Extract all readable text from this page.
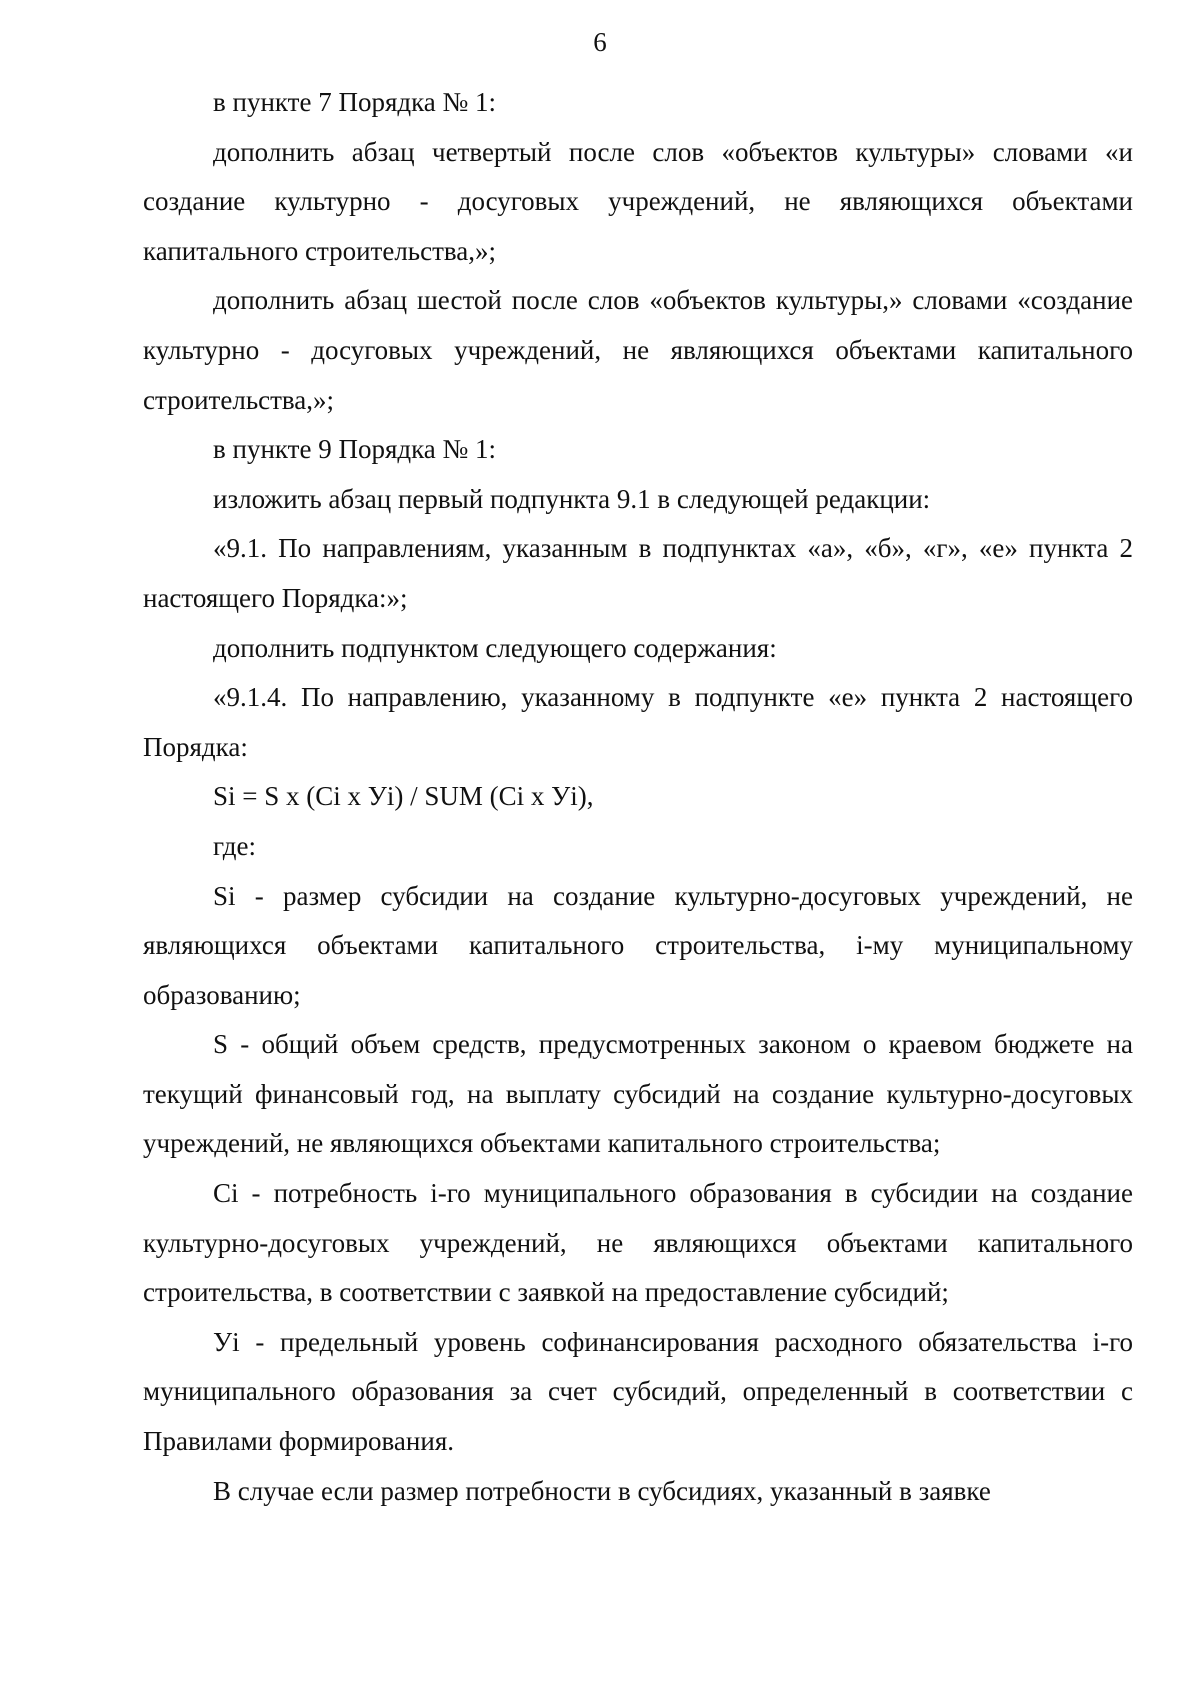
6

в пункте 7 Порядка № 1:

дополнить абзац четвертый после слов «объектов культуры» словами «и создание культурно - досуговых учреждений, не являющихся объектами капитального строительства,»;

дополнить абзац шестой после слов «объектов культуры,» словами «создание культурно - досуговых учреждений, не являющихся объектами капитального строительства,»;

в пункте 9 Порядка № 1:

изложить абзац первый подпункта 9.1 в следующей редакции:

«9.1. По направлениям, указанным в подпунктах «а», «б», «г», «е» пункта 2 настоящего Порядка:»;

дополнить подпунктом следующего содержания:

«9.1.4. По направлению, указанному в подпункте «е» пункта 2 настоящего Порядка:

Si = S x (Ci x Уi) / SUM (Ci x Уi),

где:

Si - размер субсидии на создание культурно-досуговых учреждений, не являющихся объектами капитального строительства, i-му муниципальному образованию;

S - общий объем средств, предусмотренных законом о краевом бюджете на текущий финансовый год, на выплату субсидий на создание культурно-досуговых учреждений, не являющихся объектами капитального строительства;

Ci - потребность i-го муниципального образования в субсидии на создание культурно-досуговых учреждений, не являющихся объектами капитального строительства, в соответствии с заявкой на предоставление субсидий;

Уi - предельный уровень софинансирования расходного обязательства i-го муниципального образования за счет субсидий, определенный в соответствии с Правилами формирования.

В случае если размер потребности в субсидиях, указанный в заявке
